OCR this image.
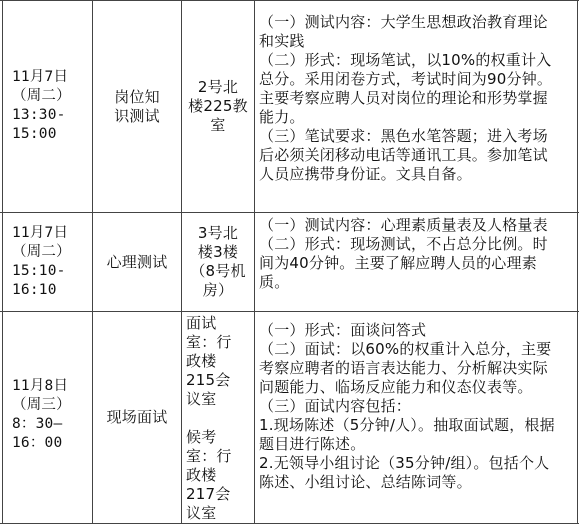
11月7日
（周二）
13:30-
15:00
岗位知
识测试
2号北
楼225教
室

（一）测试内容：大学生思想政治教育理论和实践

（二）形式：现场笔试，以10%的权重计入总分。采用闭卷方式，考试时间为90分钟。主要考察应聘人员对岗位的理论和形势掌握能力。

（三）笔试要求：黑色水笔答题；进入考场后必须关闭移动电话等通讯工具。参加笔试人员应携带身份证。文具自备。

11月7日
（周二）
15:10-
16:10
心理测试
3号北
楼3楼
（8号机
房）

（一）测试内容：心理素质量表及人格量表

（二）形式：现场测试，不占总分比例。时间为40分钟。主要了解应聘人员的心理素质。

11月8日
（周三）
8：30—
16：00
现场面试
面试
室：行
政楼
215会
议室
候考
室：行
政楼
217会
议室

（一）形式：面谈问答式

（二）面试：以60%的权重计入总分，主要考察应聘者的语言表达能力、分析解决实际问题能力、临场反应能力和仪态仪表等。

（三）面试内容包括：

1.现场陈述（5分钟/人）。抽取面试题，根据题目进行陈述。

2.无领导小组讨论（35分钟/组）。包括个人陈述、小组讨论、总结陈词等。
